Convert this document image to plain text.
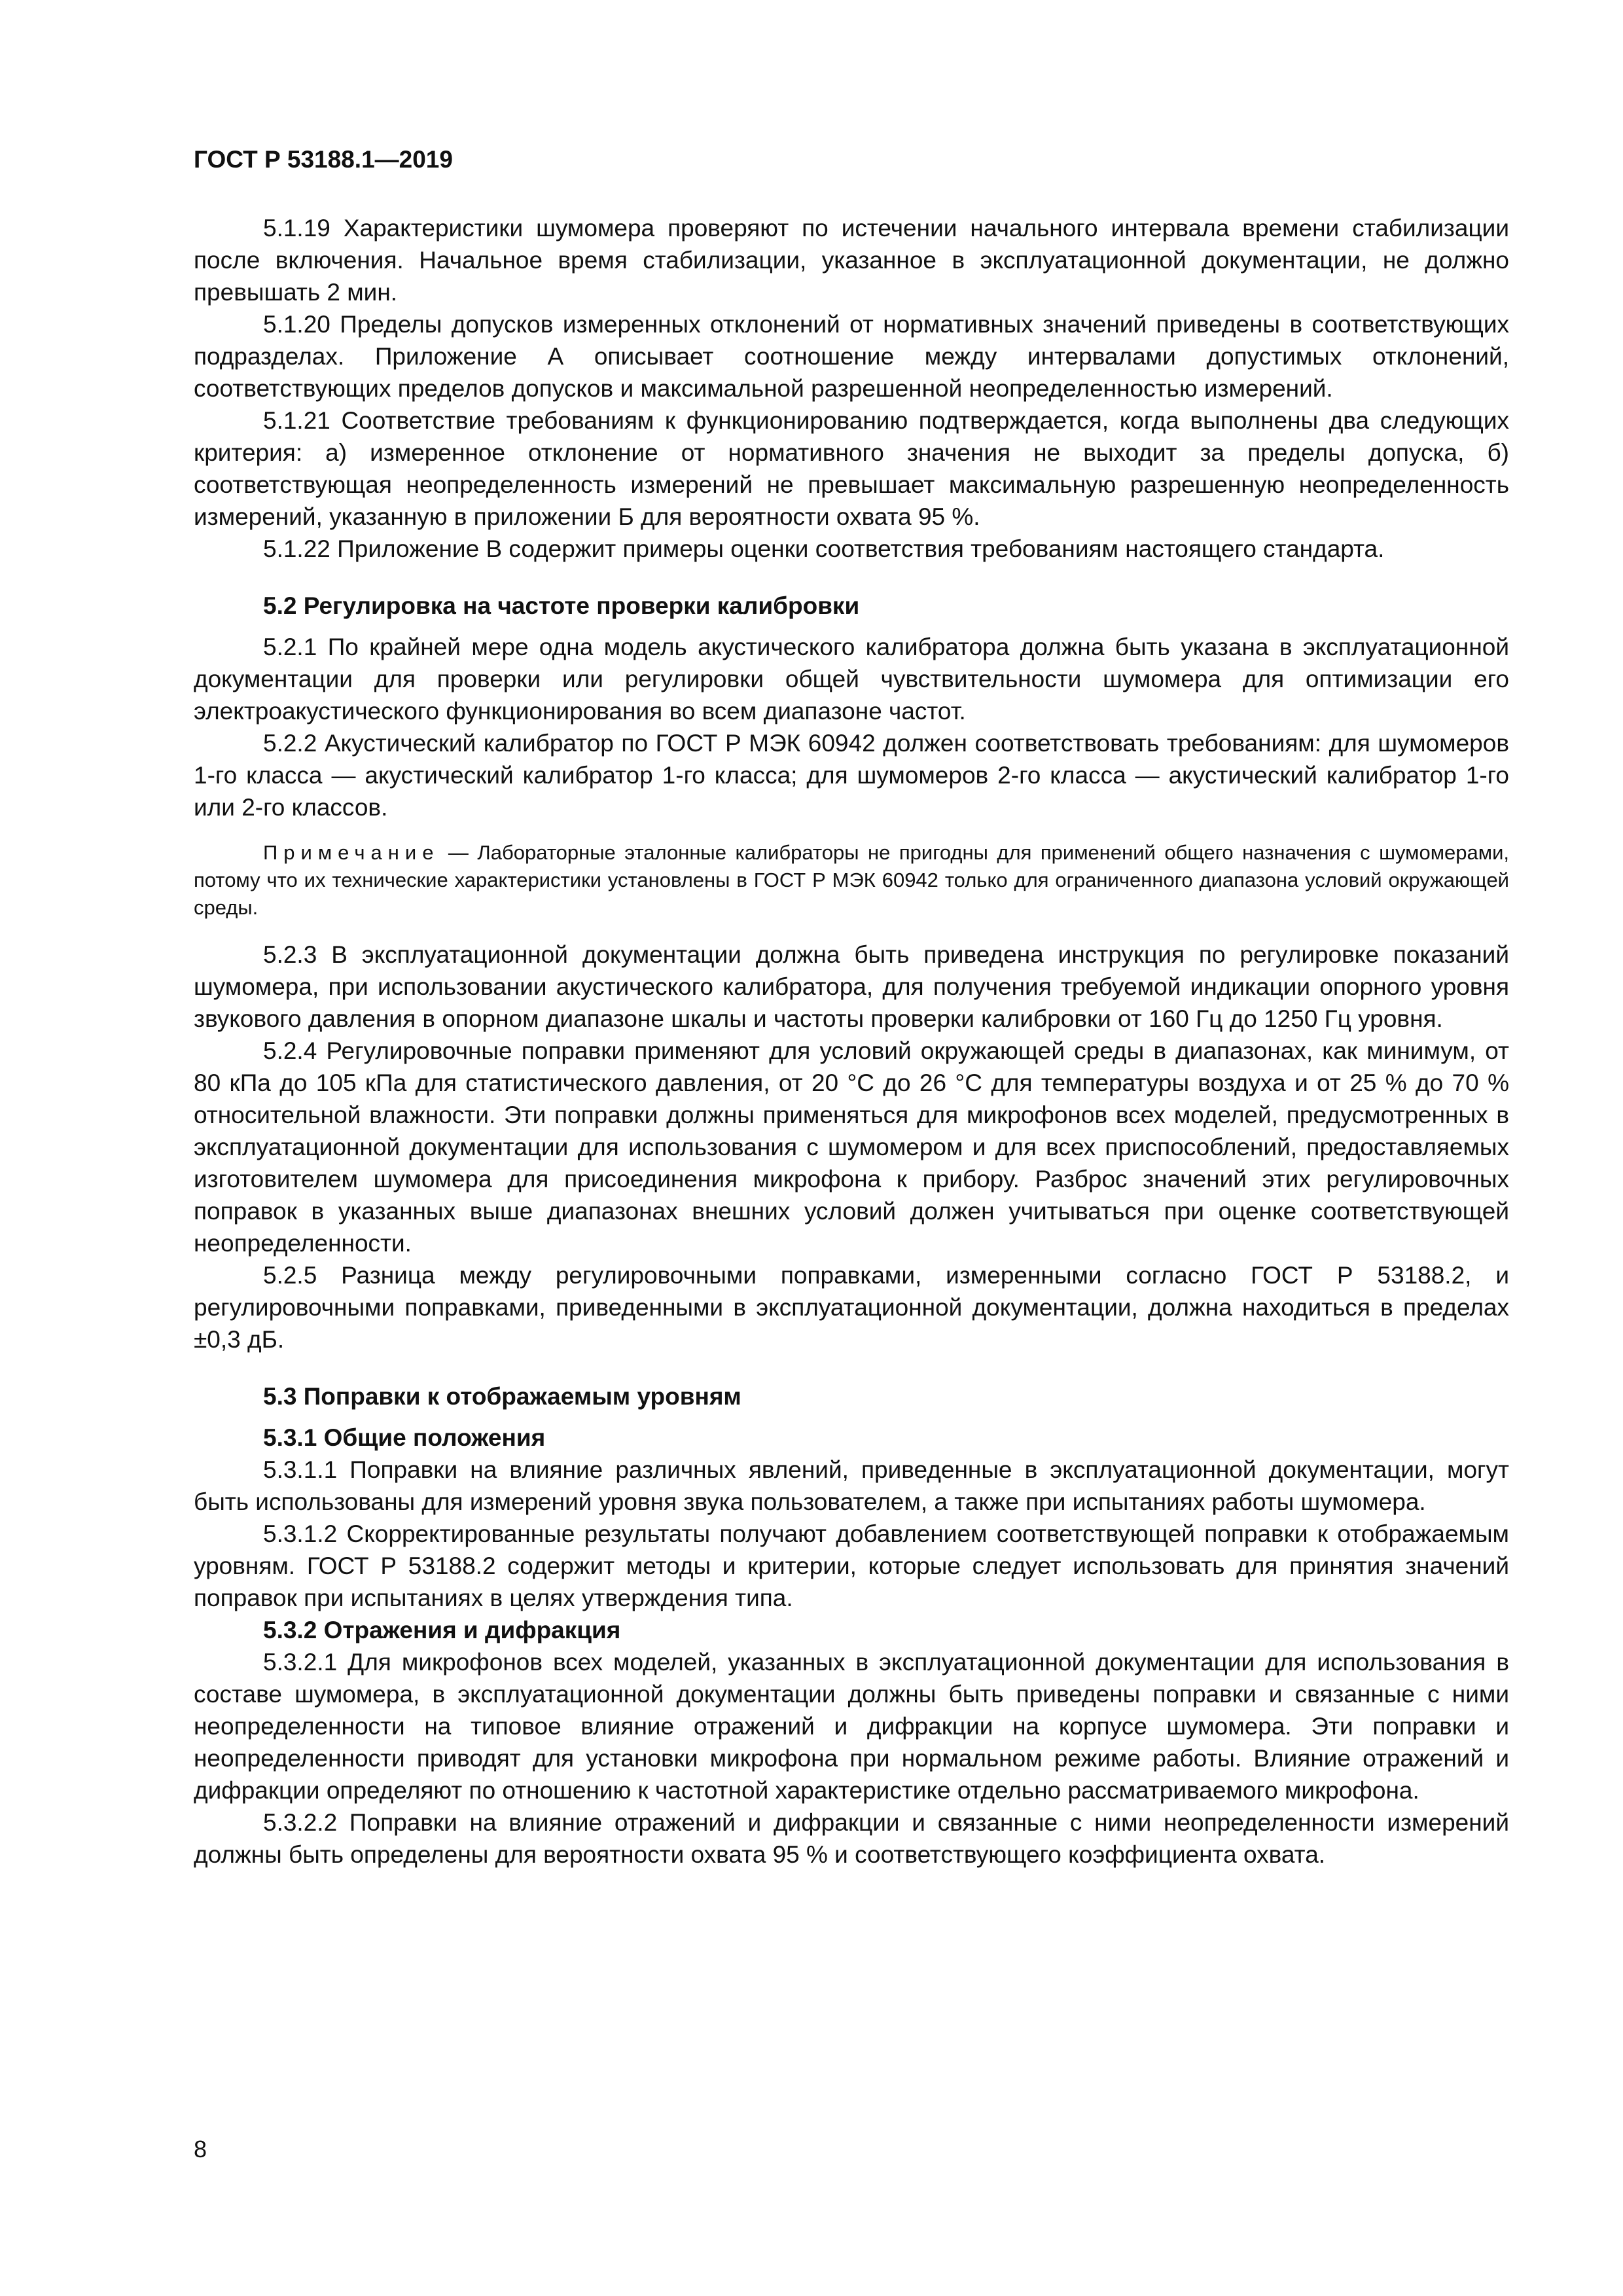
ГОСТ Р 53188.1—2019

5.1.19 Характеристики шумомера проверяют по истечении начального интервала времени стабилизации после включения. Начальное время стабилизации, указанное в эксплуатационной документации, не должно превышать 2 мин.

5.1.20 Пределы допусков измеренных отклонений от нормативных значений приведены в соответствующих подразделах. Приложение А описывает соотношение между интервалами допустимых отклонений, соответствующих пределов допусков и максимальной разрешенной неопределенностью измерений.

5.1.21 Соответствие требованиям к функционированию подтверждается, когда выполнены два следующих критерия: а) измеренное отклонение от нормативного значения не выходит за пределы допуска, б) соответствующая неопределенность измерений не превышает максимальную разрешенную неопределенность измерений, указанную в приложении Б для вероятности охвата 95 %.

5.1.22 Приложение В содержит примеры оценки соответствия требованиям настоящего стандарта.

5.2 Регулировка на частоте проверки калибровки

5.2.1 По крайней мере одна модель акустического калибратора должна быть указана в эксплуатационной документации для проверки или регулировки общей чувствительности шумомера для оптимизации его электроакустического функционирования во всем диапазоне частот.

5.2.2 Акустический калибратор по ГОСТ Р МЭК 60942 должен соответствовать требованиям: для шумомеров 1-го класса — акустический калибратор 1-го класса; для шумомеров 2-го класса — акустический калибратор 1-го или 2-го классов.

Примечание — Лабораторные эталонные калибраторы не пригодны для применений общего назначения с шумомерами, потому что их технические характеристики установлены в ГОСТ Р МЭК 60942 только для ограниченного диапазона условий окружающей среды.

5.2.3 В эксплуатационной документации должна быть приведена инструкция по регулировке показаний шумомера, при использовании акустического калибратора, для получения требуемой индикации опорного уровня звукового давления в опорном диапазоне шкалы и частоты проверки калибровки от 160 Гц до 1250 Гц уровня.

5.2.4 Регулировочные поправки применяют для условий окружающей среды в диапазонах, как минимум, от 80 кПа до 105 кПа для статистического давления, от 20 °С до 26 °С для температуры воздуха и от 25 % до 70 % относительной влажности. Эти поправки должны применяться для микрофонов всех моделей, предусмотренных в эксплуатационной документации для использования с шумомером и для всех приспособлений, предоставляемых изготовителем шумомера для присоединения микрофона к прибору. Разброс значений этих регулировочных поправок в указанных выше диапазонах внешних условий должен учитываться при оценке соответствующей неопределенности.

5.2.5 Разница между регулировочными поправками, измеренными согласно ГОСТ Р 53188.2, и регулировочными поправками, приведенными в эксплуатационной документации, должна находиться в пределах ±0,3 дБ.

5.3 Поправки к отображаемым уровням
5.3.1 Общие положения

5.3.1.1 Поправки на влияние различных явлений, приведенные в эксплуатационной документации, могут быть использованы для измерений уровня звука пользователем, а также при испытаниях работы шумомера.

5.3.1.2 Скорректированные результаты получают добавлением соответствующей поправки к отображаемым уровням. ГОСТ Р 53188.2 содержит методы и критерии, которые следует использовать для принятия значений поправок при испытаниях в целях утверждения типа.

5.3.2 Отражения и дифракция

5.3.2.1 Для микрофонов всех моделей, указанных в эксплуатационной документации для использования в составе шумомера, в эксплуатационной документации должны быть приведены поправки и связанные с ними неопределенности на типовое влияние отражений и дифракции на корпусе шумомера. Эти поправки и неопределенности приводят для установки микрофона при нормальном режиме работы. Влияние отражений и дифракции определяют по отношению к частотной характеристике отдельно рассматриваемого микрофона.

5.3.2.2 Поправки на влияние отражений и дифракции и связанные с ними неопределенности измерений должны быть определены для вероятности охвата 95 % и соответствующего коэффициента охвата.

8
